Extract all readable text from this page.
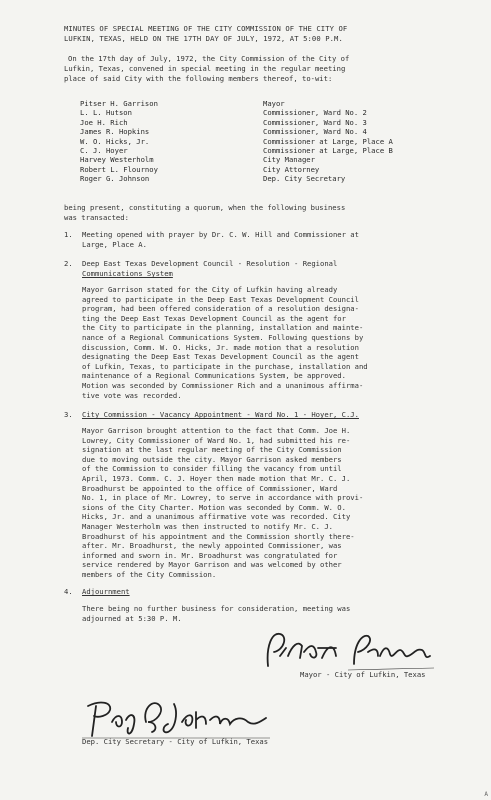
MINUTES OF SPECIAL MEETING OF THE CITY COMMISSION OF THE CITY OF
LUFKIN, TEXAS, HELD ON THE 17TH DAY OF JULY, 1972, AT 5:00 P.M.
On the 17th day of July, 1972, the City Commission of the City of
Lufkin, Texas, convened in special meeting in the regular meeting
place of said City with the following members thereof, to-wit:
Pitser H. Garrison	Mayor
L. L. Hutson	Commissioner, Ward No. 2
Joe H. Rich	Commissioner, Ward No. 3
James R. Hopkins	Commissioner, Ward No. 4
W. O. Hicks, Jr.	Commissioner at Large, Place A
C. J. Hoyer	Commissioner at Large, Place B
Harvey Westerholm	City Manager
Robert L. Flournoy	City Attorney
Roger G. Johnson	Dep. City Secretary
being present, constituting a quorum, when the following business
was transacted:
1. Meeting opened with prayer by Dr. C. W. Hill and Commissioner at
Large, Place A.
2. Deep East Texas Development Council - Resolution - Regional
Communications System
Mayor Garrison stated for the City of Lufkin having already
agreed to participate in the Deep East Texas Development Council
program, had been offered consideration of a resolution designa-
ting the Deep East Texas Development Council as the agent for
the City to participate in the planning, installation and mainte-
nance of a Regional Communications System. Following questions by
discussion, Comm. W. O. Hicks, Jr. made motion that a resolution
designating the Deep East Texas Development Council as the agent
of Lufkin, Texas, to participate in the purchase, installation and
maintenance of a Regional Communications System, be approved.
Motion was seconded by Commissioner Rich and a unanimous affirma-
tive vote was recorded.
3. City Commission - Vacancy Appointment - Ward No. 1 - Hoyer, C.J.
Mayor Garrison brought attention to the fact that Comm. Joe H.
Lowrey, City Commissioner of Ward No. 1, had submitted his re-
signation at the last regular meeting of the City Commission
due to moving outside the city. Mayor Garrison asked members
of the Commission to consider filling the vacancy from until
April, 1973. Comm. C. J. Hoyer then made motion that Mr. C. J.
Broadhurst be appointed to the office of Commissioner, Ward
No. 1, in place of Mr. Lowrey, to serve in accordance with provi-
sions of the City Charter. Motion was seconded by Comm. W. O.
Hicks, Jr. and a unanimous affirmative vote was recorded. City
Manager Westerholm was then instructed to notify Mr. C. J.
Broadhurst of his appointment and the Commission shortly there-
after. Mr. Broadhurst, the newly appointed Commissioner, was
informed and sworn in. Mr. Broadhurst was congratulated for
service rendered by Mayor Garrison and was welcomed by other
members of the City Commission.
4. Adjournment
There being no further business for consideration, meeting was
adjourned at 5:30 P. M.
Mayor - City of Lufkin, Texas
Dep. City Secretary - City of Lufkin, Texas
A
